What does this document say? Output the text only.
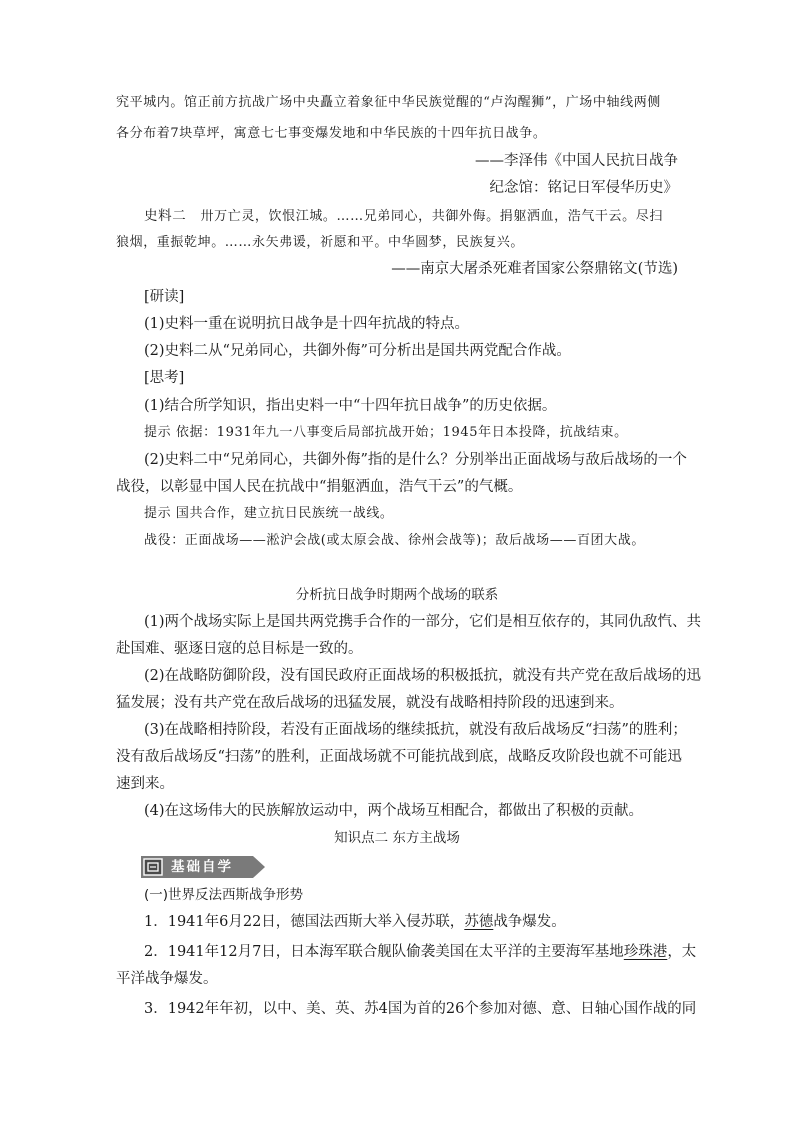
究平城内。馆正前方抗战广场中央矗立着象征中华民族觉醒的“卢沟醒狮”，广场中轴线两侧
各分布着7块草坪，寓意七七事变爆发地和中华民族的十四年抗日战争。
——李泽伟《中国人民抗日战争
纪念馆：铭记日军侵华历史》
史料二 卅万亡灵，饮恨江城。……兄弟同心，共御外侮。捐躯洒血，浩气干云。尽扫
狼烟，重振乾坤。……永矢弗谖，祈愿和平。中华圆梦，民族复兴。
——南京大屠杀死难者国家公祭鼎铭文(节选)
[研读]
(1)史料一重在说明抗日战争是十四年抗战的特点。
(2)史料二从“兄弟同心，共御外侮”可分析出是国共两党配合作战。
[思考]
(1)结合所学知识，指出史料一中“十四年抗日战争”的历史依据。
提示 依据：1931年九一八事变后局部抗战开始；1945年日本投降，抗战结束。
(2)史料二中“兄弟同心，共御外侮”指的是什么？分别举出正面战场与敌后战场的一个
战役，以彰显中国人民在抗战中“捐躯洒血，浩气干云”的气概。
提示 国共合作，建立抗日民族统一战线。
战役：正面战场——淞沪会战(或太原会战、徐州会战等)；敌后战场——百团大战。
分析抗日战争时期两个战场的联系
(1)两个战场实际上是国共两党携手合作的一部分，它们是相互依存的，其同仇敌忾、共
赴国难、驱逐日寇的总目标是一致的。
(2)在战略防御阶段，没有国民政府正面战场的积极抵抗，就没有共产党在敌后战场的迅
猛发展；没有共产党在敌后战场的迅猛发展，就没有战略相持阶段的迅速到来。
(3)在战略相持阶段，若没有正面战场的继续抵抗，就没有敌后战场反“扫荡”的胜利；
没有敌后战场反“扫荡”的胜利，正面战场就不可能抗战到底，战略反攻阶段也就不可能迅
速到来。
(4)在这场伟大的民族解放运动中，两个战场互相配合，都做出了积极的贡献。
知识点二 东方主战场
基础自学
(一)世界反法西斯战争形势
1．1941年6月22日，德国法西斯大举入侵苏联，苏德战争爆发。
2．1941年12月7日，日本海军联合舰队偷袭美国在太平洋的主要海军基地珍珠港，太
平洋战争爆发。
3．1942年年初，以中、美、英、苏4国为首的26个参加对德、意、日轴心国作战的同
